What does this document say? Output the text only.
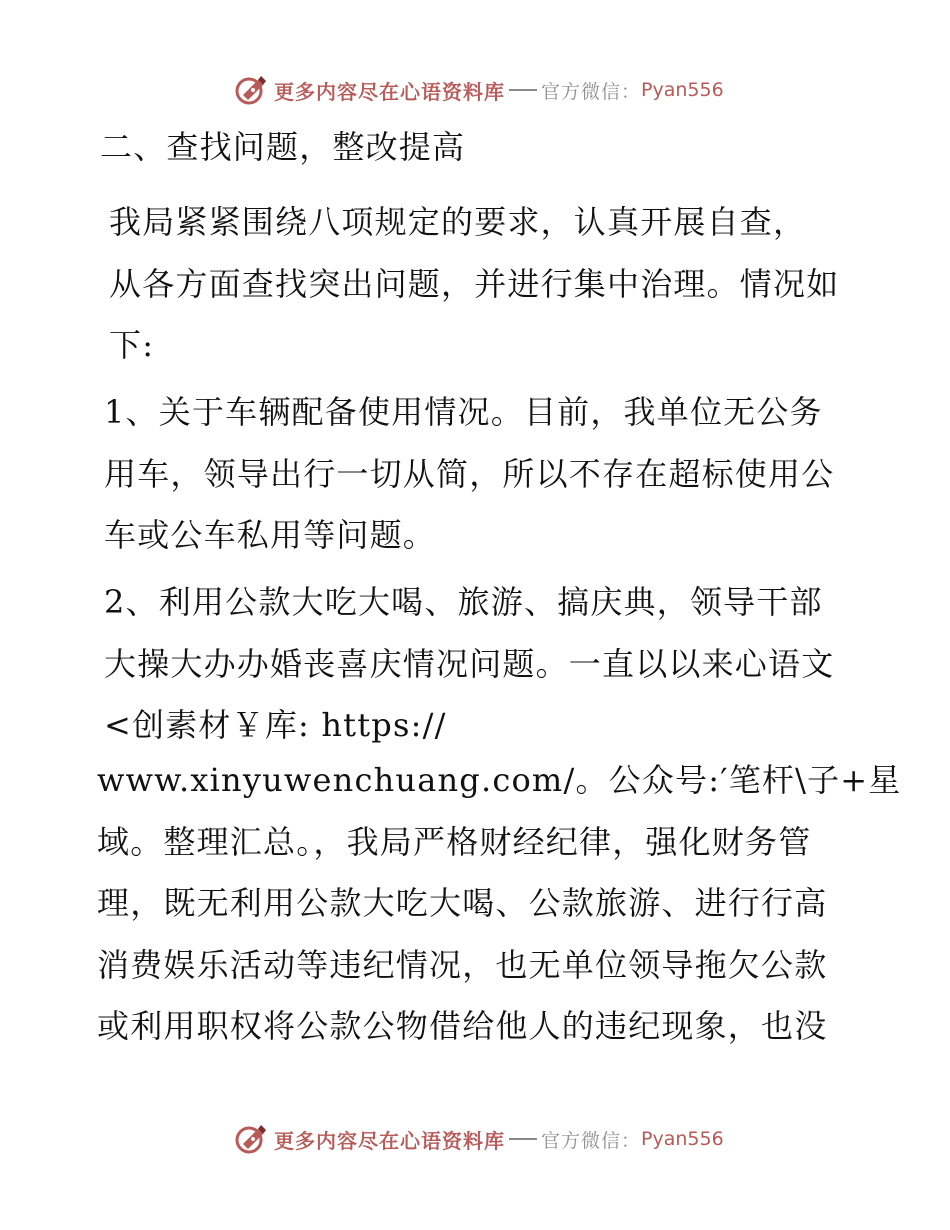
更多内容尽在心语资料库 官方微信： Pyan556
二、查找问题，整改提高
我局紧紧围绕八项规定的要求，认真开展自查，
从各方面查找突出问题，并进行集中治理。情况如
下:
1、关于车辆配备使用情况。目前，我单位无公务
用车，领导出行一切从简，所以不存在超标使用公
车或公车私用等问题。
2、利用公款大吃大喝、旅游、搞庆典，领导干部
大操大办办婚丧喜庆情况问题。一直以以来心语文
<创素材￥库: https://
www.xinyuwenchuang.com/。公众号:′笔杆\子+星
域。整理汇总。，我局严格财经纪律，强化财务管
理，既无利用公款大吃大喝、公款旅游、进行行高
消费娱乐活动等违纪情况，也无单位领导拖欠公款
或利用职权将公款公物借给他人的违纪现象，也没
更多内容尽在心语资料库 官方微信： Pyan556
